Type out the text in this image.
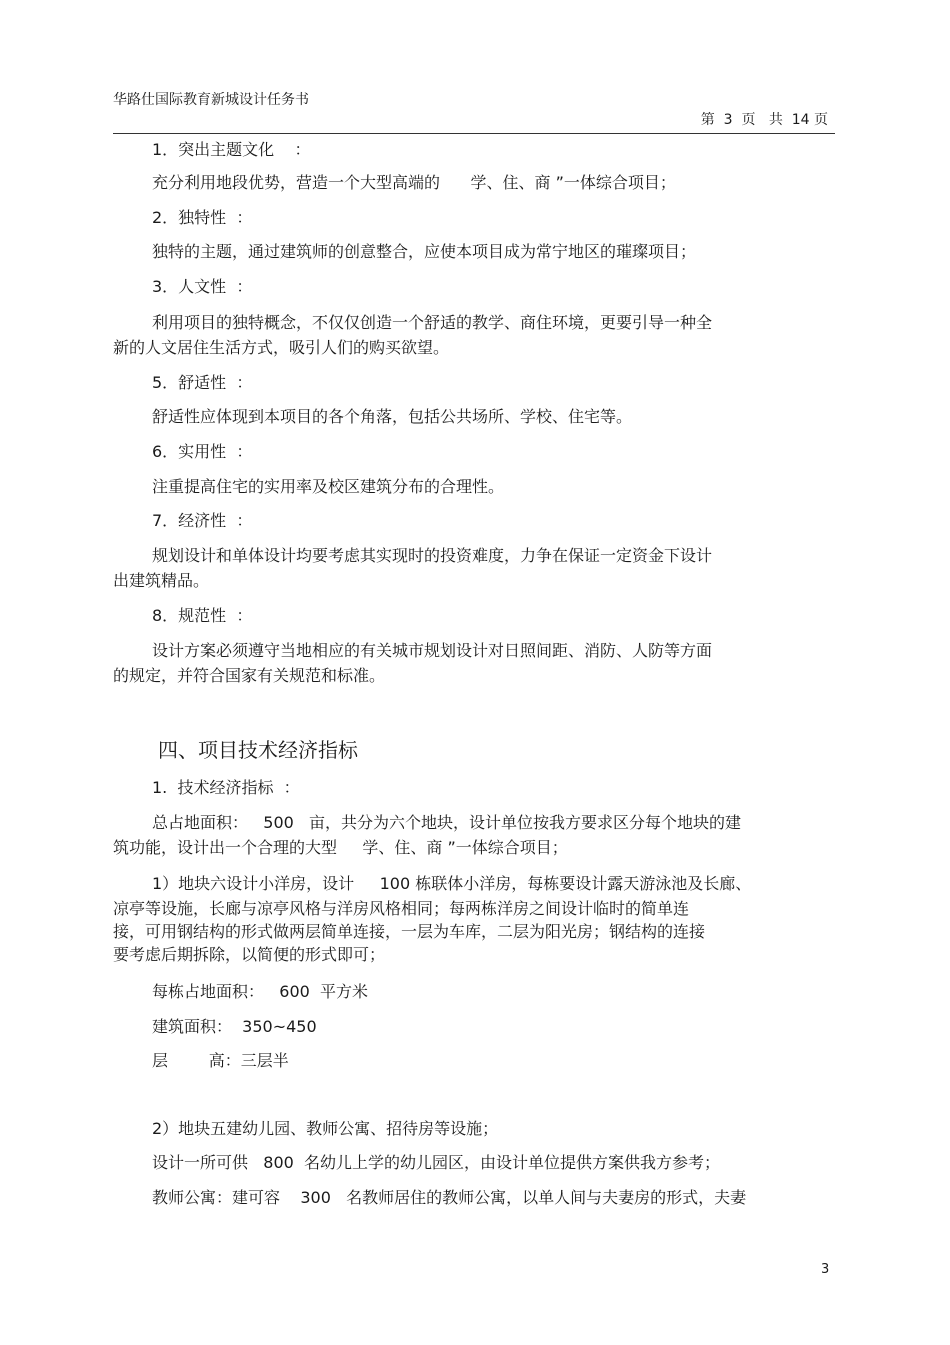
华路仕国际教育新城设计任务书
第  3  页   共  14 页
1．突出主题文化    ：
充分利用地段优势，营造一个大型高端的      学、住、商 ”一体综合项目；
2．独特性  ：
独特的主题，通过建筑师的创意整合，应使本项目成为常宁地区的璀璨项目；
3．人文性  ：
利用项目的独特概念，不仅仅创造一个舒适的教学、商住环境，更要引导一种全
新的人文居住生活方式，吸引人们的购买欲望。
5．舒适性  ：
舒适性应体现到本项目的各个角落，包括公共场所、学校、住宅等。
6．实用性  ：
注重提高住宅的实用率及校区建筑分布的合理性。
7．经济性  ：
规划设计和单体设计均要考虑其实现时的投资难度，力争在保证一定资金下设计
出建筑精品。
8．规范性  ：
设计方案必须遵守当地相应的有关城市规划设计对日照间距、消防、人防等方面
的规定，并符合国家有关规范和标准。
四、项目技术经济指标
1.  技术经济指标  ：
总占地面积：   500   亩，共分为六个地块，设计单位按我方要求区分每个地块的建
筑功能，设计出一个合理的大型     学、住、商 ”一体综合项目；
1）地块六设计小洋房，设计     100 栋联体小洋房，每栋要设计露天游泳池及长廊、
凉亭等设施，长廊与凉亭风格与洋房风格相同；每两栋洋房之间设计临时的简单连
接，可用钢结构的形式做两层简单连接，一层为车库，二层为阳光房；钢结构的连接
要考虑后期拆除，以简便的形式即可；
每栋占地面积：   600  平方米
建筑面积：  350~450
层        高：三层半
2）地块五建幼儿园、教师公寓、招待房等设施；
设计一所可供   800  名幼儿上学的幼儿园区，由设计单位提供方案供我方参考；
教师公寓：建可容    300   名教师居住的教师公寓，以单人间与夫妻房的形式，夫妻
3
